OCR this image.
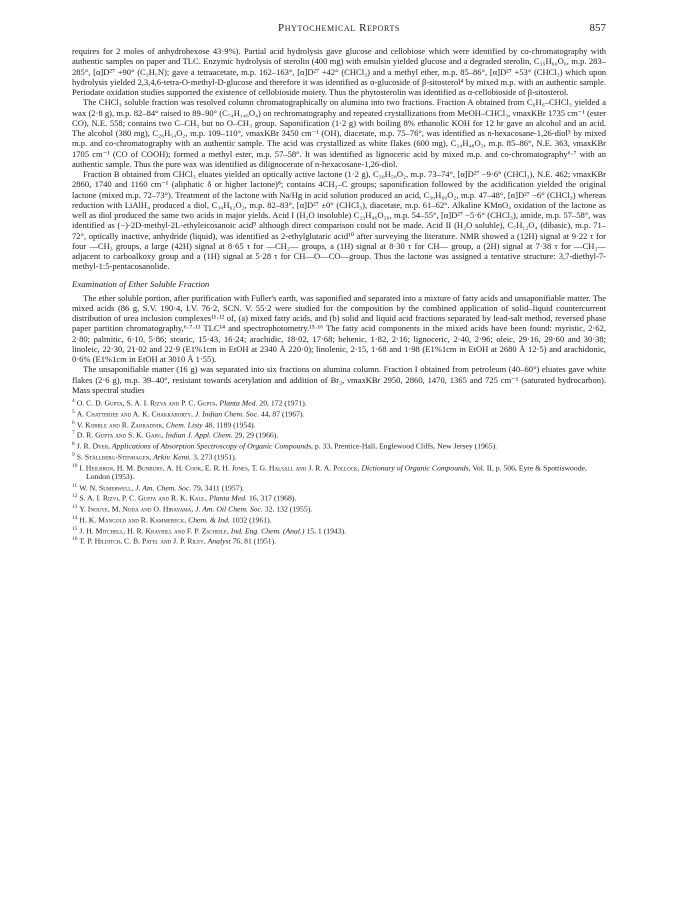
Phytochemical Reports	857

requires for 2 moles of anhydrohexose 43·9%). Partial acid hydrolysis gave glucose and cellobiose which were identified by co-chromatography with authentic samples on paper and TLC. Enzymic hydrolysis of sterolin (400 mg) with emulsin yielded glucose and a degraded sterolin, C₃₅H₆₀O₆, m.p. 283–285°, [α]D²⁷ +90° (C₅H₅N); gave a tetraacetate, m.p. 162–163°, [α]D²⁷ +42° (CHCl₃) and a methyl ether, m.p. 85–86°, [α]D²⁷ +53° (CHCl₃) which upon hydrolysis yielded 2,3,4,6-tetra-O-methyl-D-glucose and therefore it was identified as α-glucoside of β-sitosterol⁴ by mixed m.p. with an authentic sample. Periodate oxidation studies supported the existence of cellobioside moiety. Thus the phytosterolin was identified as α-cellobioside of β-sitosterol.

The CHCl₃ soluble fraction was resolved column chromatographically on alumina into two fractions. Fraction A obtained from C₆H₆–CHCl₃ yielded a wax (2·8 g), m.p. 82–84° raised to 89–90° (C₇₄H₁₄₆O₄) on rechromatography and repeated crystallizations from MeOH–CHCl₃, νmaxKBr 1735 cm⁻¹ (ester CO), N.E. 558; contains two C–CH₃ but no O–CH₃ group. Saponification (1·2 g) with boiling 8% ethanolic KOH for 12 hr gave an alcohol and an acid. The alcohol (380 mg), C₂₆H₅₄O₂, m.p. 109–110°, νmaxKBr 3450 cm⁻¹ (OH), diacetate, m.p. 75–76°, was identified as n-hexacosane-1,26-diol⁵ by mixed m.p. and co-chromatography with an authentic sample. The acid was crystallized as white flakes (600 mg), C₂₄H₄₈O₂, m.p. 85–86°, N.E. 363, νmaxKBr 1705 cm⁻¹ (CO of COOH); formed a methyl ester, m.p. 57–58°. It was identified as lignoceric acid by mixed m.p. and co-chromatography⁶·⁷ with an authentic sample. Thus the pure wax was identified as dilignocerate of n-hexacosane-1,26-diol.

Fraction B obtained from CHCl₃ eluates yielded an optically active lactone (1·2 g), C₃₀H₅₈O₂, m.p. 73–74°, [α]D²⁷ −9·6° (CHCl₃), N.E. 462; νmaxKBr 2860, 1740 and 1160 cm⁻¹ (aliphatic δ or higher lactone)⁸; contains 4CH₃–C groups; saponification followed by the acidification yielded the original lactone (mixed m.p. 72–73°). Treatment of the lactone with Na/Hg in acid solution produced an acid, C₃₀H₆₀O₂, m.p. 47–48°, [α]D²⁷ −6° (CHCl₃) whereas reduction with LiAlH₄ produced a diol, C₃₀H₆₂O₂, m.p. 82–83°, [α]D²⁷ ±0° (CHCl₃), diacetate, m.p. 61–62°. Alkaline KMnO₄ oxidation of the lactone as well as diol produced the same two acids in major yields. Acid I (H₂O insoluble) C₂₃H₄₆O₂₆, m.p. 54–55°, [α]D²⁷ −5·6° (CHCl₃), amide, m.p. 57–58°, was identified as (−)-2D-methyl-2L-ethyleicosanoic acid⁹ although direct comparison could not be made. Acid II (H₂O soluble), C₇H₁₂O₄ (dibasic), m.p. 71–72°, optically inactive, anhydride (liquid), was identified as 2-ethylglutaric acid¹⁰ after surveying the literature. NMR showed a (12H) signal at 9·22 τ for four —CH₃ groups, a large (42H) signal at 8·65 τ for —CH₂— groups, a (1H) signal at 8·30 τ for CH— group, a (2H) signal at 7·38 τ for —CH₂— adjacent to carboalkoxy group and a (1H) signal at 5·28 τ for CH—O—CO—group. Thus the lactone was assigned a tentative structure: 3,7-diethyl-7-methyl-1:5-pentacosanolide.

Examination of Ether Soluble Fraction

The ether soluble portion, after purification with Fuller's earth, was saponified and separated into a mixture of fatty acids and unsaponifiable matter. The mixed acids (86 g, S.V. 190·4, I.V. 76·2, SCN. V. 55·2 were studied for the composition by the combined application of solid–liquid countercurrent distribution of urea inclusion complexes¹¹·¹² of, (a) mixed fatty acids, and (b) solid and liquid acid fractions separated by lead-salt method, reversed phase paper partition chromatography,⁶·⁷·¹³ TLC¹⁴ and spectrophotometry.¹⁵·¹⁶ The fatty acid components in the mixed acids have been found: myristic, 2·62, 2·80; palmitic, 6·10, 5·86; stearic, 15·43, 16·24; arachidic, 18·02, 17·68; behenic, 1·82, 2·16; lignoceric, 2·40, 2·96; oleic, 29·16, 29·60 and 30·38; linoleic, 22·30, 21·02 and 22·9 (E1%1cm in EtOH at 2340 Å 220·0); linolenic, 2·15, 1·68 and 1·98 (E1%1cm in EtOH at 2680 Å 12·5) and arachidonic, 0·6% (E1%1cm in EtOH at 3010 Å 1·55).

The unsaponifiable matter (16 g) was separated into six fractions on alumina column. Fraction I obtained from petroleum (40–60°) eluates gave white flakes (2·6 g), m.p. 39–40°, resistant towards acetylation and addition of Br₂, νmaxKBr 2950, 2860, 1470, 1365 and 725 cm⁻¹ (saturated hydrocarbon). Mass spectral studies

$^4$ O. C. D. Gupta, S. A. I. Rizva and P. C. Gupta, Planta Med. 20, 172 (1971).
$^5$ A. Chatterjee and A. K. Chakraborty, J. Indian Chem. Soc. 44, 87 (1967).
$^6$ V. Kobrle and R. Zahradnik, Chem. Listy 48, 1189 (1954).
$^7$ D. R. Gupta and S. K. Garg, Indian J. Appl. Chem. 29, 29 (1966).
$^8$ J. R. Dyer, Applications of Absorption Spectroscopy of Organic Compounds, p. 33, Prentice-Hall, Englewood Cliffs, New Jersey (1965).
$^9$ S. Ställberg-Stenhagen, Arkiv. Kemi. 3, 273 (1951).
$^{10}$ I. Heilbron, H. M. Bunbury, A. H. Cook, E. R. H. Jones, T. G. Halsall and J. R. A. Pollock, Dictionary of Organic Compounds, Vol. II, p. 506, Eyre & Spottiswoode, London (1953).
$^{11}$ W. N. Sumerwell, J. Am. Chem. Soc. 79, 3411 (1957).
$^{12}$ S. A. I. Rizvi, P. C. Gupta and R. K. Kaul, Planta Med. 16, 317 (1968).
$^{13}$ Y. Inouye, M. Noda and O. Hirayama, J. Am. Oil Chem. Soc. 32, 132 (1955).
$^{14}$ H. K. Mangold and R. Kammereck, Chem. & Ind. 1032 (1961).
$^{15}$ J. H. Mitchell, H. R. Kraybill and F. P. Zscheile, Ind. Eng. Chem. (Anal.) 15, 1 (1943).
$^{16}$ T. P. Hilditch, C. B. Patel and J. P. Riley, Analyst 76, 81 (1951).
